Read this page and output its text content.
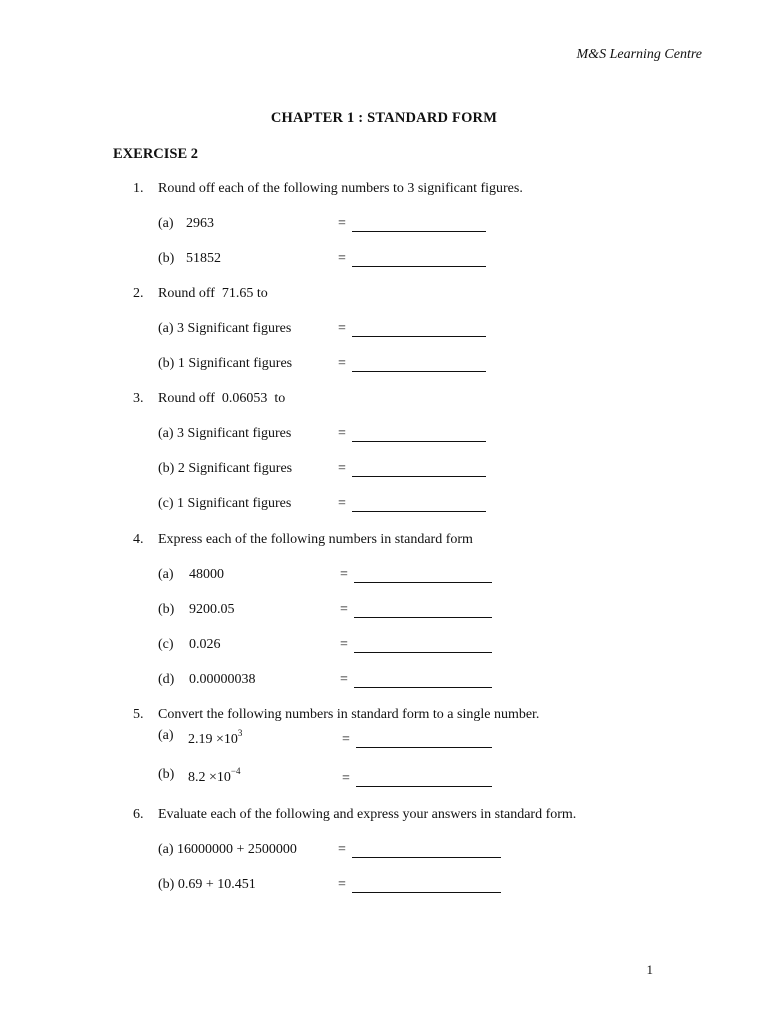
M&S Learning Centre
CHAPTER 1 : STANDARD FORM
EXERCISE 2
1. Round off each of the following numbers to 3 significant figures.
(a) 2963	=
(b) 51852	=
2. Round off  71.65 to
(a) 3 Significant figures	=
(b) 1 Significant figures	=
3. Round off  0.06053  to
(a) 3 Significant figures	=
(b) 2 Significant figures	=
(c) 1 Significant figures	=
4. Express each of the following numbers in standard form
(a) 48000	=
(b) 9200.05	=
(c) 0.026	=
(d) 0.00000038	=
5. Convert the following numbers in standard form to a single number.
(a) $2.19 \times 10^3$	=
(b) $8.2 \times 10^{-4}$	=
6. Evaluate each of the following and express your answers in standard form.
(a) 16000000 + 2500000	=
(b) 0.69 + 10.451	=
1
